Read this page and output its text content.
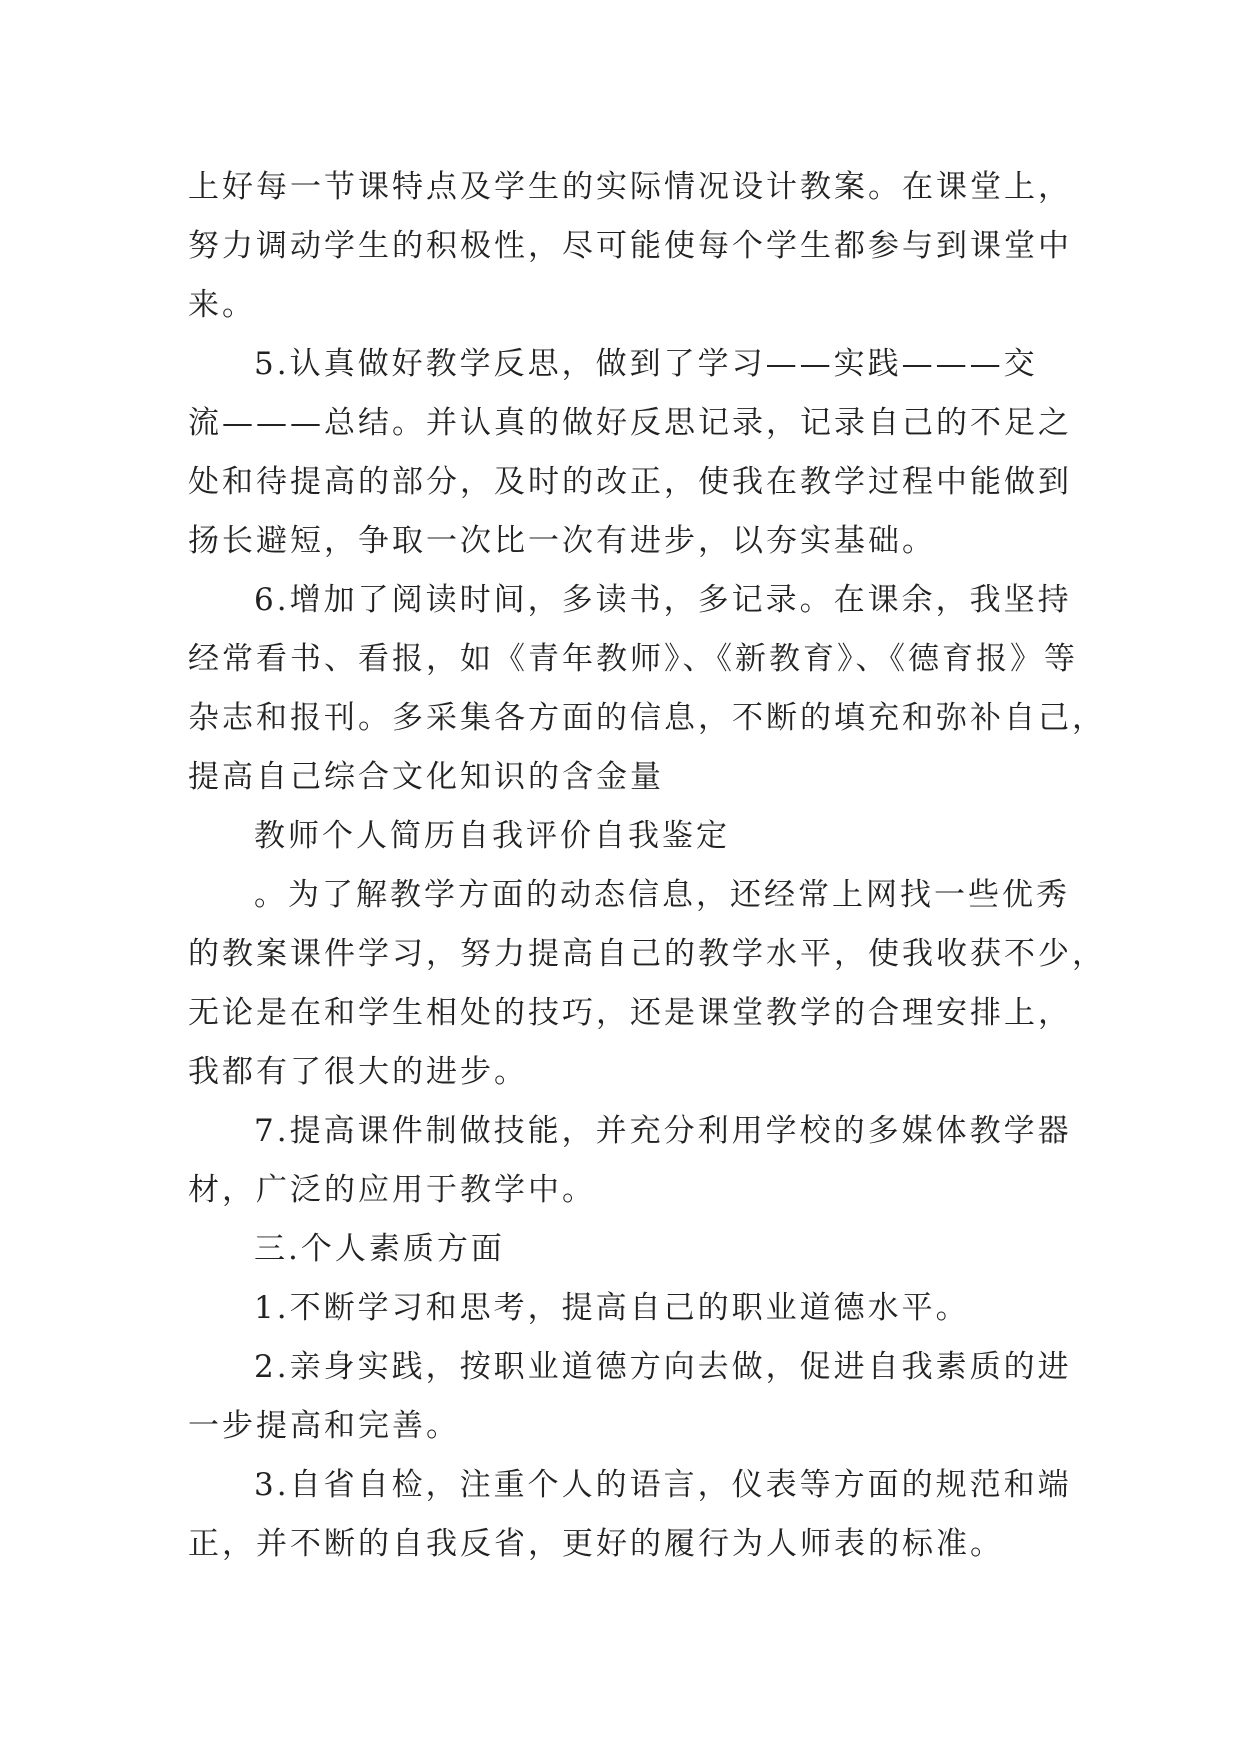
上好每一节课特点及学生的实际情况设计教案。在课堂上，
努力调动学生的积极性，尽可能使每个学生都参与到课堂中
来。
5.认真做好教学反思，做到了学习——实践———交
流———总结。并认真的做好反思记录，记录自己的不足之
处和待提高的部分，及时的改正，使我在教学过程中能做到
扬长避短，争取一次比一次有进步，以夯实基础。
6.增加了阅读时间，多读书，多记录。在课余，我坚持
经常看书、看报，如《青年教师》、《新教育》、《德育报》等
杂志和报刊。多采集各方面的信息，不断的填充和弥补自己，
提高自己综合文化知识的含金量
教师个人简历自我评价自我鉴定
。为了解教学方面的动态信息，还经常上网找一些优秀
的教案课件学习，努力提高自己的教学水平，使我收获不少，
无论是在和学生相处的技巧，还是课堂教学的合理安排上，
我都有了很大的进步。
7.提高课件制做技能，并充分利用学校的多媒体教学器
材，广泛的应用于教学中。
三.个人素质方面
1.不断学习和思考，提高自己的职业道德水平。
2.亲身实践，按职业道德方向去做，促进自我素质的进
一步提高和完善。
3.自省自检，注重个人的语言，仪表等方面的规范和端
正，并不断的自我反省，更好的履行为人师表的标准。
